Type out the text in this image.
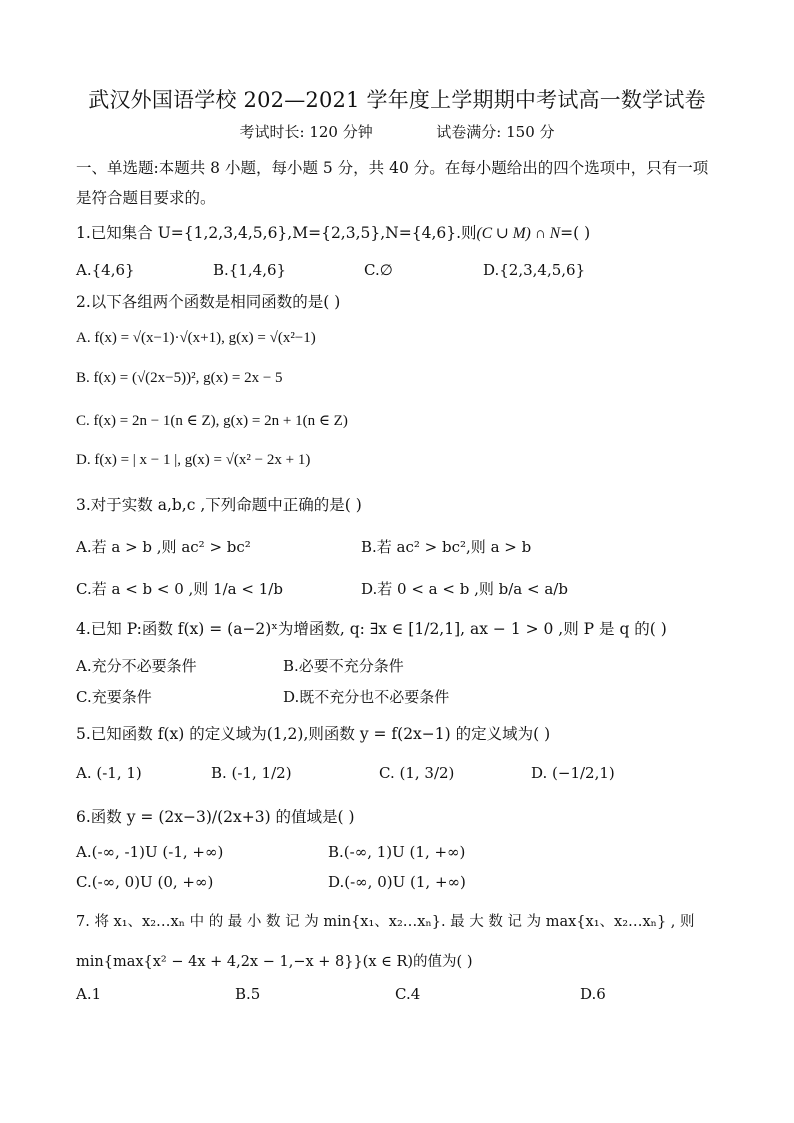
武汉外国语学校 202—2021 学年度上学期期中考试高一数学试卷
考试时长: 120 分钟	试卷满分: 150 分
一、单选题:本题共 8 小题，每小题 5 分，共 40 分。在每小题给出的四个选项中，只有一项
是符合题目要求的。
1.已知集合 U={1,2,3,4,5,6},M={2,3,5},N={4,6}.则(C ∪ M) ∩ N=( )
A.{4,6}	B.{1,4,6}	C.∅	D.{2,3,4,5,6}
2.以下各组两个函数是相同函数的是( )
A. f(x) = √(x−1)·√(x+1), g(x) = √(x²−1)
B. f(x) = (√(2x−5))², g(x) = 2x − 5
C. f(x) = 2n − 1(n ∈ Z), g(x) = 2n + 1(n ∈ Z)
D. f(x) = | x − 1 |, g(x) = √(x² − 2x + 1)
3.对于实数 a,b,c ,下列命题中正确的是( )
A.若 a > b ,则 ac² > bc²	B.若 ac² > bc²,则 a > b
C.若 a < b < 0 ,则 1/a < 1/b	D.若 0 < a < b ,则 b/a < a/b
4.已知 P:函数 f(x) = (a−2)ˣ为增函数, q: ∃x ∈ [1/2,1], ax − 1 > 0 ,则 P 是 q 的( )
A.充分不必要条件	B.必要不充分条件
C.充要条件	D.既不充分也不必要条件
5.已知函数 f(x) 的定义域为(1,2),则函数 y = f(2x−1) 的定义域为( )
A. (-1, 1)	B. (-1, 1/2)	C. (1, 3/2)	D. (−1/2,1)
6.函数 y = (2x−3)/(2x+3) 的值域是( )
A.(-∞, -1)U (-1, +∞)	B.(-∞, 1)U (1, +∞)
C.(-∞, 0)U (0, +∞)	D.(-∞, 0)U (1, +∞)
7. 将 x₁、x₂…xₙ 中 的 最 小 数 记 为 min{x₁、x₂…xₙ}. 最 大 数 记 为 max{x₁、x₂…xₙ} , 则
min{max{x² − 4x + 4,2x − 1,−x + 8}}(x ∈ R)的值为( )
A.1	B.5	C.4	D.6
